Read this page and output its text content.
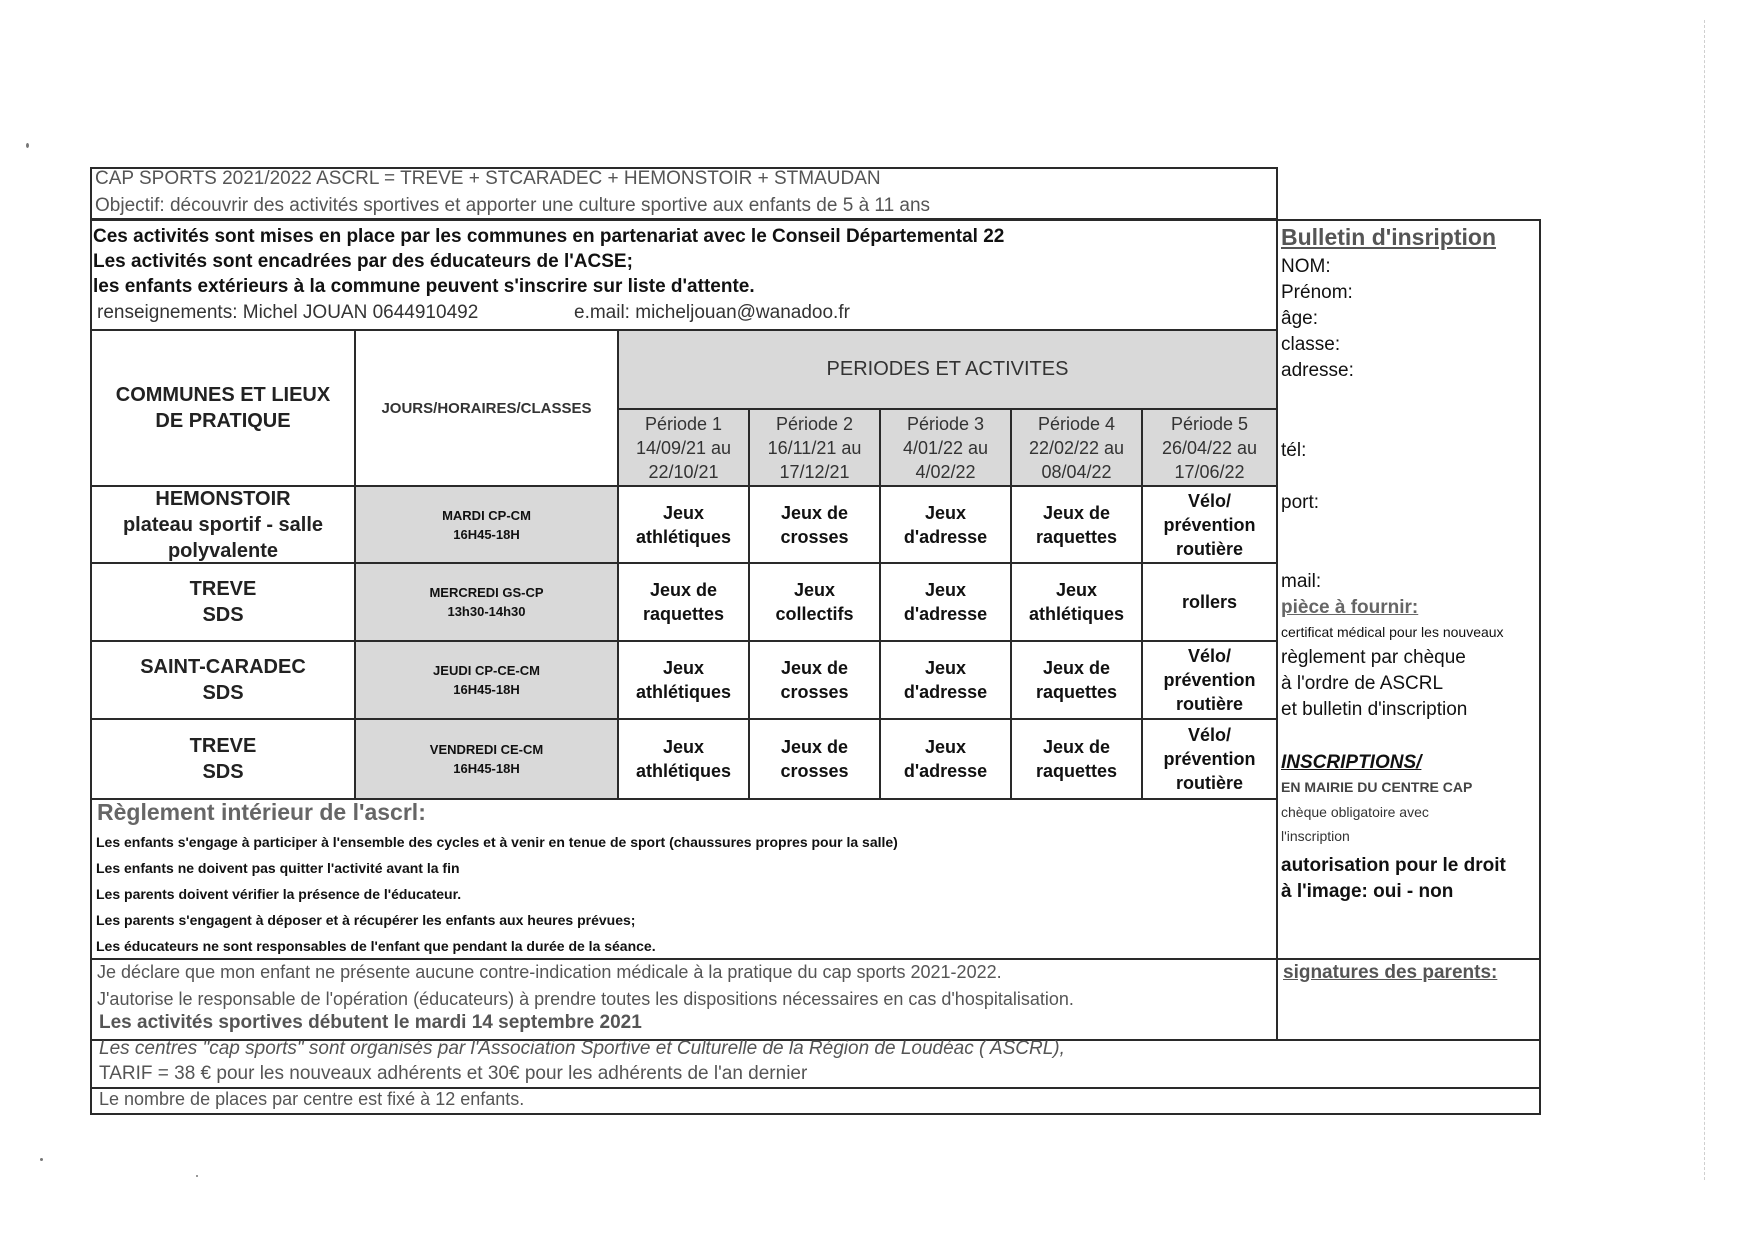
CAP SPORTS 2021/2022 ASCRL = TREVE + STCARADEC + HEMONSTOIR + STMAUDAN
Objectif: découvrir des activités sportives et apporter une culture sportive aux enfants de 5 à 11 ans
Ces activités sont mises en place par les communes en partenariat avec le Conseil Départemental 22
Les activités sont encadrées par des éducateurs de l'ACSE;
les enfants extérieurs à la commune peuvent s'inscrire sur liste d'attente.
renseignements: Michel JOUAN 0644910492	e.mail: micheljouan@wanadoo.fr
COMMUNES ET LIEUX
DE PRATIQUE
JOURS/HORAIRES/CLASSES
PERIODES ET ACTIVITES
Période 1
14/09/21 au
22/10/21
Période 2
16/11/21 au
17/12/21
Période 3
4/01/22 au
4/02/22
Période 4
22/02/22 au
08/04/22
Période 5
26/04/22 au
17/06/22
HEMONSTOIR
plateau sportif - salle
polyvalente
MARDI CP-CM
16H45-18H
Jeux
athlétiques
Jeux de
crosses
Jeux
d'adresse
Jeux de
raquettes
Vélo/
prévention
routière
TREVE
SDS
MERCREDI GS-CP
13h30-14h30
Jeux de
raquettes
Jeux
collectifs
Jeux
d'adresse
Jeux
athlétiques
rollers
SAINT-CARADEC
SDS
JEUDI CP-CE-CM
16H45-18H
Jeux
athlétiques
Jeux de
crosses
Jeux
d'adresse
Jeux de
raquettes
Vélo/
prévention
routière
TREVE
SDS
VENDREDI CE-CM
16H45-18H
Jeux
athlétiques
Jeux de
crosses
Jeux
d'adresse
Jeux de
raquettes
Vélo/
prévention
routière
Règlement intérieur de l'ascrl:
Les enfants s'engage à participer à l'ensemble des cycles et à venir en tenue de sport (chaussures propres pour la salle)
Les enfants ne doivent pas quitter l'activité avant la fin
Les parents doivent vérifier la présence de l'éducateur.
Les parents s'engagent à déposer et à récupérer les enfants aux heures prévues;
Les éducateurs ne sont responsables de l'enfant que pendant la durée de la séance.
Je déclare que mon enfant ne présente aucune contre-indication médicale à la pratique du cap sports 2021-2022.
J'autorise le responsable de l'opération (éducateurs) à prendre toutes les dispositions nécessaires en cas d'hospitalisation.
Les activités sportives débutent le mardi 14 septembre 2021
Les centres "cap sports" sont organisés par l'Association Sportive et Culturelle de la Région de Loudéac ( ASCRL),
TARIF = 38 € pour les nouveaux adhérents et 30€ pour les adhérents de l'an dernier
Le nombre de places par centre est fixé à 12 enfants.
Bulletin d'insription
NOM:
Prénom:
âge:
classe:
adresse:
tél:
port:
mail:
pièce à fournir:
certificat médical pour les nouveaux
règlement par chèque
à l'ordre de ASCRL
et bulletin d'inscription
INSCRIPTIONS/
EN MAIRIE DU CENTRE CAP
chèque obligatoire avec
l'inscription
autorisation pour le droit
à l'image: oui - non
signatures des parents:
